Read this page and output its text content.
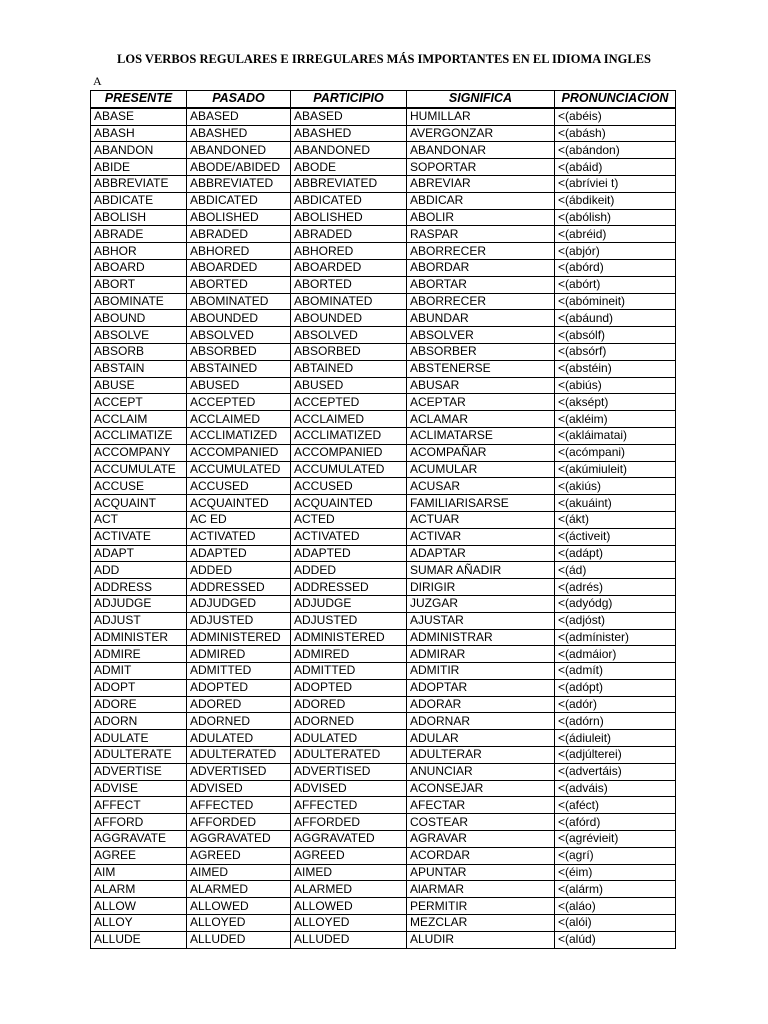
LOS VERBOS REGULARES E IRREGULARES MÁS IMPORTANTES EN EL IDIOMA INGLES
A
PRESENTE	PASADO	PARTICIPIO	SIGNIFICA	PRONUNCIACION
ABASE	ABASED	ABASED	HUMILLAR	<(abéis)
ABASH	ABASHED	ABASHED	AVERGONZAR	<(abásh)
ABANDON	ABANDONED	ABANDONED	ABANDONAR	<(abándon)
ABIDE	ABODE/ABIDED	ABODE	SOPORTAR	<(abáid)
ABBREVIATE	ABBREVIATED	ABBREVIATED	ABREVIAR	<(abríviei t)
ABDICATE	ABDICATED	ABDICATED	ABDICAR	<(ábdikeit)
ABOLISH	ABOLISHED	ABOLISHED	ABOLIR	<(abólish)
ABRADE	ABRADED	ABRADED	RASPAR	<(abréid)
ABHOR	ABHORED	ABHORED	ABORRECER	<(abjór)
ABOARD	ABOARDED	ABOARDED	ABORDAR	<(abórd)
ABORT	ABORTED	ABORTED	ABORTAR	<(abórt)
ABOMINATE	ABOMINATED	ABOMINATED	ABORRECER	<(abómineit)
ABOUND	ABOUNDED	ABOUNDED	ABUNDAR	<(abáund)
ABSOLVE	ABSOLVED	ABSOLVED	ABSOLVER	<(absólf)
ABSORB	ABSORBED	ABSORBED	ABSORBER	<(absórf)
ABSTAIN	ABSTAINED	ABTAINED	ABSTENERSE	<(abstéin)
ABUSE	ABUSED	ABUSED	ABUSAR	<(abiús)
ACCEPT	ACCEPTED	ACCEPTED	ACEPTAR	<(aksépt)
ACCLAIM	ACCLAIMED	ACCLAIMED	ACLAMAR	<(akléim)
ACCLIMATIZE	ACCLIMATIZED	ACCLIMATIZED	ACLIMATARSE	<(akláimatai)
ACCOMPANY	ACCOMPANIED	ACCOMPANIED	ACOMPAÑAR	<(acómpani)
ACCUMULATE	ACCUMULATED	ACCUMULATED	ACUMULAR	<(akúmiuleit)
ACCUSE	ACCUSED	ACCUSED	ACUSAR	<(akiús)
ACQUAINT	ACQUAINTED	ACQUAINTED	FAMILIARISARSE	<(akuáint)
ACT	AC ED	ACTED	ACTUAR	<(ákt)
ACTIVATE	ACTIVATED	ACTIVATED	ACTIVAR	<(áctiveit)
ADAPT	ADAPTED	ADAPTED	ADAPTAR	<(adápt)
ADD	ADDED	ADDED	SUMAR AÑADIR	<(ád)
ADDRESS	ADDRESSED	ADDRESSED	DIRIGIR	<(adrés)
ADJUDGE	ADJUDGED	ADJUDGE	JUZGAR	<(adyódg)
ADJUST	ADJUSTED	ADJUSTED	AJUSTAR	<(adjóst)
ADMINISTER	ADMINISTERED	ADMINISTERED	ADMINISTRAR	<(admínister)
ADMIRE	ADMIRED	ADMIRED	ADMIRAR	<(admáior)
ADMIT	ADMITTED	ADMITTED	ADMITIR	<(admít)
ADOPT	ADOPTED	ADOPTED	ADOPTAR	<(adópt)
ADORE	ADORED	ADORED	ADORAR	<(adór)
ADORN	ADORNED	ADORNED	ADORNAR	<(adórn)
ADULATE	ADULATED	ADULATED	ADULAR	<(ádiuleit)
ADULTERATE	ADULTERATED	ADULTERATED	ADULTERAR	<(adjúlterei)
ADVERTISE	ADVERTISED	ADVERTISED	ANUNCIAR	<(advertáis)
ADVISE	ADVISED	ADVISED	ACONSEJAR	<(adváis)
AFFECT	AFFECTED	AFFECTED	AFECTAR	<(aféct)
AFFORD	AFFORDED	AFFORDED	COSTEAR	<(afórd)
AGGRAVATE	AGGRAVATED	AGGRAVATED	AGRAVAR	<(agrévieit)
AGREE	AGREED	AGREED	ACORDAR	<(agrí)
AIM	AIMED	AIMED	APUNTAR	<(éim)
ALARM	ALARMED	ALARMED	AlARMAR	<(alárm)
ALLOW	ALLOWED	ALLOWED	PERMITIR	<(aláo)
ALLOY	ALLOYED	ALLOYED	MEZCLAR	<(alói)
ALLUDE	ALLUDED	ALLUDED	ALUDIR	<(alúd)
